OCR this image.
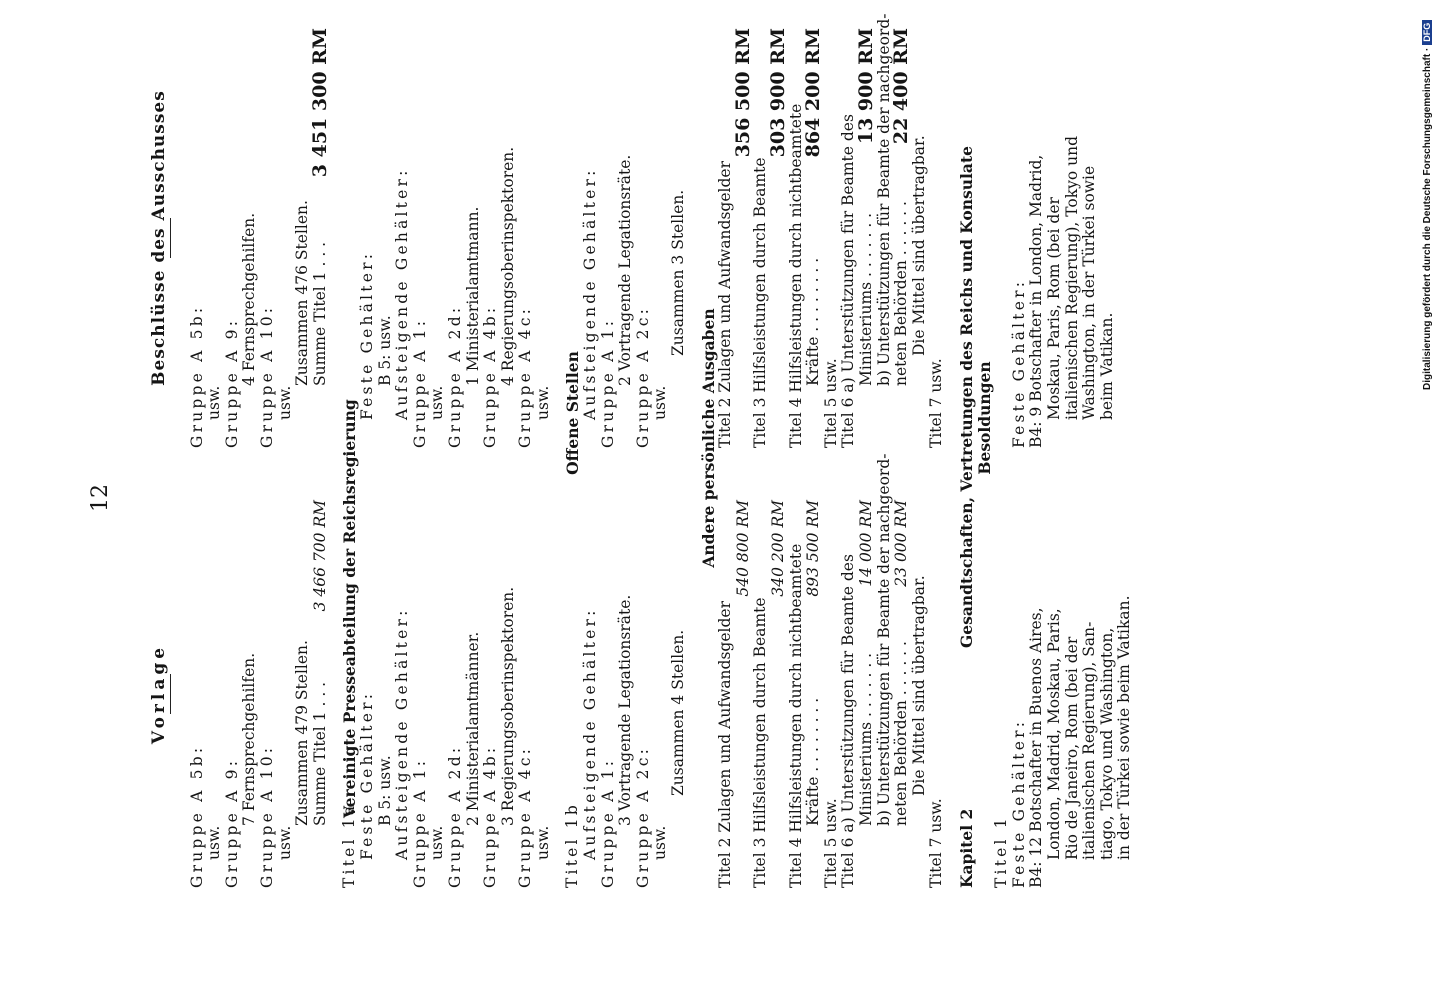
12
Vorlage
Gruppe A 5b: usw. Gruppe A 9: 7 Fernsprechgehilfen. Gruppe A 10: usw.
Zusammen 479 Stellen. Summe Titel 1 . . .
3 466 700 RM
Titel 1a
Vereinigte Presseabteilung der Reichsregierung
Feste Gehälter: B 5: usw. Aufsteigende Gehälter: Gruppe A 1: usw. Gruppe A 2d: 2 Ministerialamtmänner. Gruppe A 4b: 3 Regierungsoberinspektoren. Gruppe A 4c: usw. Titel 1b
Offene Stellen
Aufsteigende Gehälter: Gruppe A 1: 3 Vortragende Legationsräte. Gruppe A 2c: usw.
Zusammen 4 Stellen.
Andere persönliche Ausgaben
Titel 2 Zulagen und Aufwandsgelder
540 800 RM
Titel 3 Hilfsleistungen durch Beamte
340 200 RM Titel 4 Hilfsleistungen durch nichtbeamtete Kräfte . . . . . . . .
893 500 RM
Titel 5 usw. Titel 6 a) Unterstützungen für Beamte des Ministeriums . . . . . . .
14 000 RM b) Unterstützungen für Beamte der nachgeord- neten Behörden . . . . . .
23 000 RM
Die Mittel sind übertragbar.
Titel 7 usw. Kapitel 2
Gesandtschaften, Vertretungen des Reichs und Konsulate
Besoldungen
Titel 1 Feste Gehälter: B4: 12 Botschafter in Buenos Aires, London, Madrid, Moskau, Paris, Rio de Janeiro, Rom (bei der italienischen Regierung), San- tiago, Tokyo und Washington, in der Türkei sowie beim Vatikan.
Beschlüsse des Ausschusses Gruppe A 5b: usw. Gruppe A 9: 4 Fernsprechgehilfen. Gruppe A 10: usw.
Zusammen 476 Stellen. Summe Titel 1 . . .
3 451 300 RM
Feste Gehälter: B 5: usw. Aufsteigende Gehälter: Gruppe A 1: usw. Gruppe A 2d: 1 Ministerialamtmann. Gruppe A 4b: 4 Regierungsoberinspektoren. Gruppe A 4c: usw. Aufsteigende Gehälter: Gruppe A 1: 2 Vortragende Legationsräte. Gruppe A 2c: usw.
Zusammen 3 Stellen. Titel 2 Zulagen und Aufwandsgelder
356 500 RM
Titel 3 Hilfsleistungen durch Beamte
303 900 RM
Titel 4 Hilfsleistungen durch nichtbeamtete Kräfte . . . . . . . .
864 200 RM
Titel 5 usw. Titel 6 a) Unterstützungen für Beamte des Ministeriums . . . . . . .
13 900 RM
b) Unterstützungen für Beamte der nachgeord- neten Behörden . . . . . .
22 400 RM
Die Mittel sind übertragbar.
Titel 7 usw.	Feste Gehälter: B4: 9 Botschafter in London, Madrid, Moskau, Paris, Rom (bei der italienischen Regierung), Tokyo und Washington, in der Türkei sowie beim Vatikan.	Digitalisierung gefördert durch die Deutsche Forschungsgemeinschaft ·DFG
